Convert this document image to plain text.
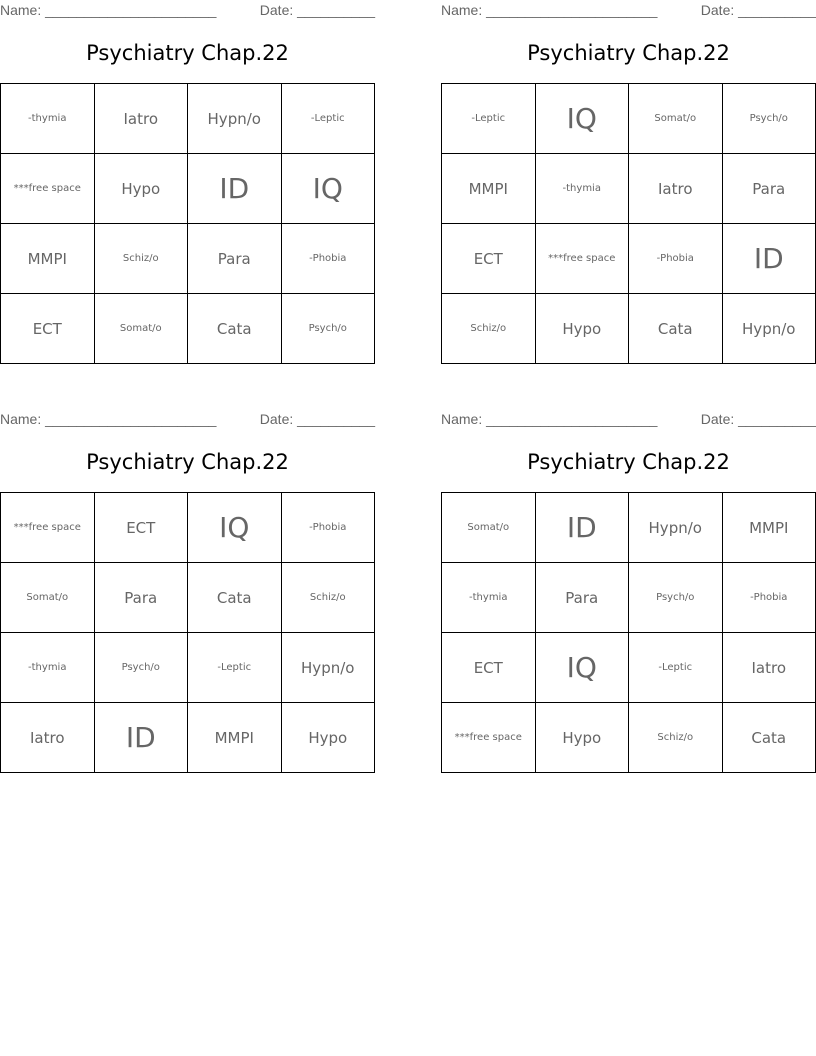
Name: ______________________	Date: __________
Psychiatry Chap.22
-thymia	Iatro	Hypn/o	-Leptic
***free space	Hypo	ID	IQ
MMPI	Schiz/o	Para	-Phobia
ECT	Somat/o	Cata	Psych/o
Name: ______________________	Date: __________
Psychiatry Chap.22
-Leptic	IQ	Somat/o	Psych/o
MMPI	-thymia	Iatro	Para
ECT	***free space	-Phobia	ID
Schiz/o	Hypo	Cata	Hypn/o
Name: ______________________	Date: __________
Psychiatry Chap.22
***free space	ECT	IQ	-Phobia
Somat/o	Para	Cata	Schiz/o
-thymia	Psych/o	-Leptic	Hypn/o
Iatro	ID	MMPI	Hypo
Name: ______________________	Date: __________
Psychiatry Chap.22
Somat/o	ID	Hypn/o	MMPI
-thymia	Para	Psych/o	-Phobia
ECT	IQ	-Leptic	Iatro
***free space	Hypo	Schiz/o	Cata
